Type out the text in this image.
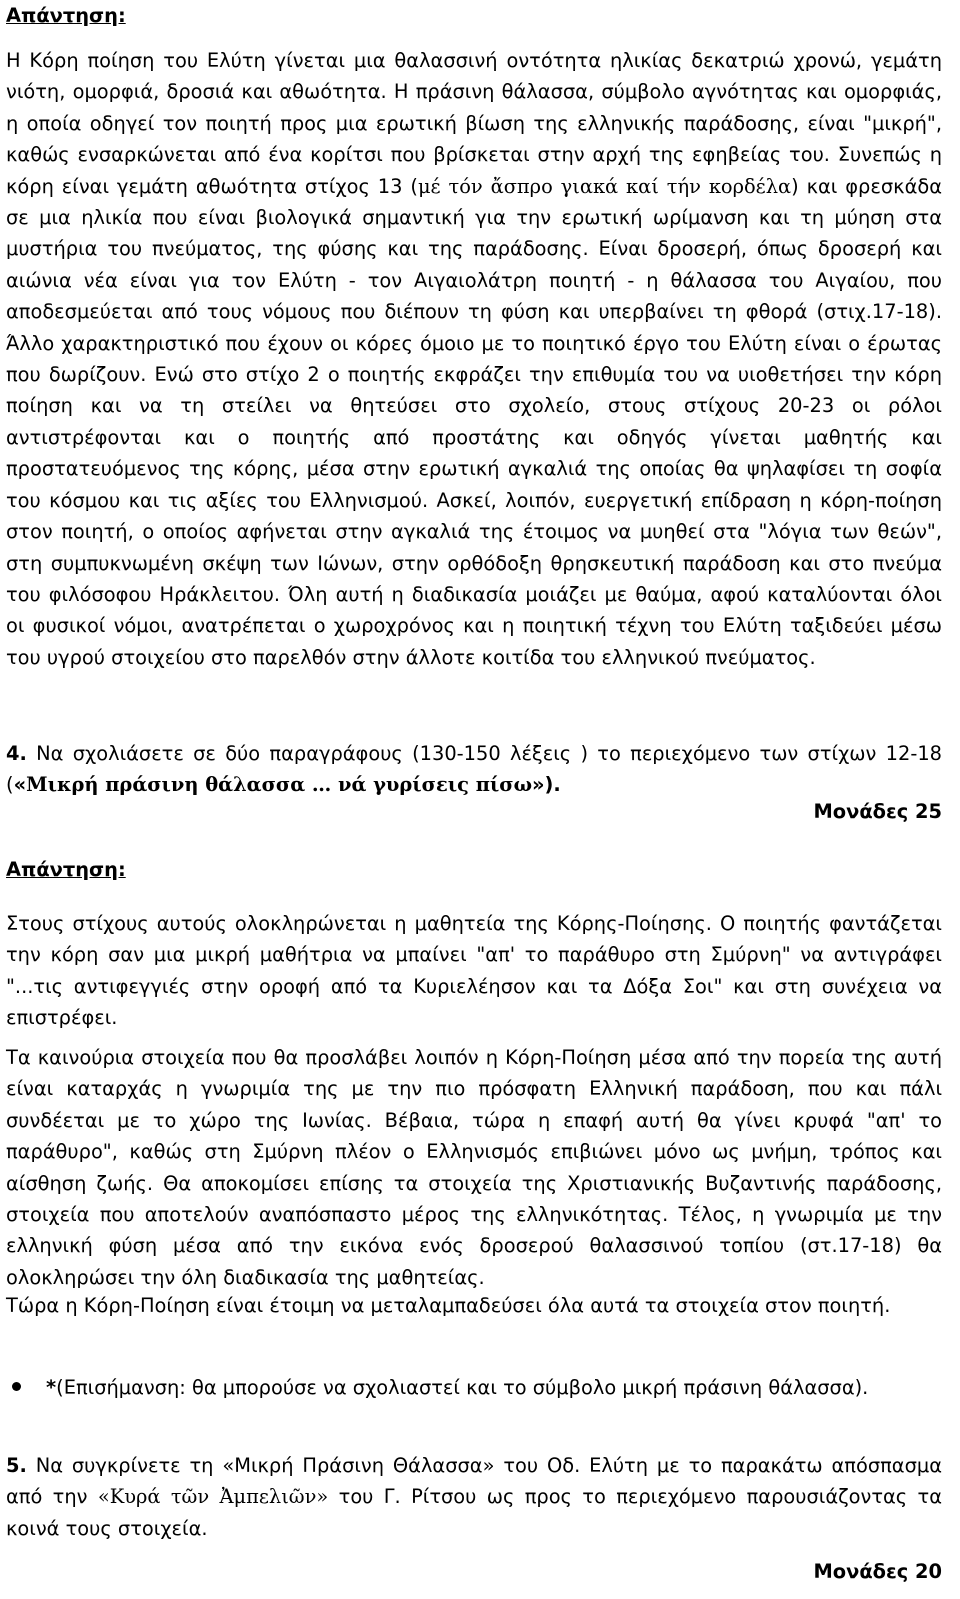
Απάντηση:

Η Κόρη ποίηση του Ελύτη γίνεται μια θαλασσινή οντότητα ηλικίας δεκατριώ χρονώ, γεμάτη νιότη, ομορφιά, δροσιά και αθωότητα. Η πράσινη θάλασσα, σύμβολο αγνότητας και ομορφιάς, η οποία οδηγεί τον ποιητή προς μια ερωτική βίωση της ελληνικής παράδοσης, είναι "μικρή", καθώς ενσαρκώνεται από ένα κορίτσι που βρίσκεται στην αρχή της εφηβείας του. Συνεπώς η κόρη είναι γεμάτη αθωότητα στίχος 13 (μέ τόν ἄσπρο γιακά καί τήν κορδέλα) και φρεσκάδα σε μια ηλικία που είναι βιολογικά σημαντική για την ερωτική ωρίμανση και τη μύηση στα μυστήρια του πνεύματος, της φύσης και της παράδοσης. Είναι δροσερή, όπως δροσερή και αιώνια νέα είναι για τον Ελύτη - τον Αιγαιολάτρη ποιητή - η θάλασσα του Αιγαίου, που αποδεσμεύεται από τους νόμους που διέπουν τη φύση και υπερβαίνει τη φθορά (στιχ.17-18). Άλλο χαρακτηριστικό που έχουν οι κόρες όμοιο με το ποιητικό έργο του Ελύτη είναι ο έρωτας που δωρίζουν. Ενώ στο στίχο 2 ο ποιητής εκφράζει την επιθυμία του να υιοθετήσει την κόρη ποίηση και να τη στείλει να θητεύσει στο σχολείο, στους στίχους 20-23 οι ρόλοι αντιστρέφονται και ο ποιητής από προστάτης και οδηγός γίνεται μαθητής και προστατευόμενος της κόρης, μέσα στην ερωτική αγκαλιά της οποίας θα ψηλαφίσει τη σοφία του κόσμου και τις αξίες του Ελληνισμού. Ασκεί, λοιπόν, ευεργετική επίδραση η κόρη-ποίηση στον ποιητή, ο οποίος αφήνεται στην αγκαλιά της έτοιμος να μυηθεί στα "λόγια των θεών", στη συμπυκνωμένη σκέψη των Ιώνων, στην ορθόδοξη θρησκευτική παράδοση και στο πνεύμα του φιλόσοφου Ηράκλειτου. Όλη αυτή η διαδικασία μοιάζει με θαύμα, αφού καταλύονται όλοι οι φυσικοί νόμοι, ανατρέπεται ο χωροχρόνος και η ποιητική τέχνη του Ελύτη ταξιδεύει μέσω του υγρού στοιχείου στο παρελθόν στην άλλοτε κοιτίδα του ελληνικού πνεύματος.

4. Να σχολιάσετε σε δύο παραγράφους (130-150 λέξεις ) το περιεχόμενο των στίχων 12-18 («Μικρή πράσινη θάλασσα … νά γυρίσεις πίσω»).

Μονάδες 25
Απάντηση:

Στους στίχους αυτούς ολοκληρώνεται η μαθητεία της Κόρης-Ποίησης. Ο ποιητής φαντάζεται την κόρη σαν μια μικρή μαθήτρια να μπαίνει "απ' το παράθυρο στη Σμύρνη" να αντιγράφει "...τις αντιφεγγιές στην οροφή από τα Κυριελέησον και τα Δόξα Σοι" και στη συνέχεια να επιστρέφει.

Τα καινούρια στοιχεία που θα προσλάβει λοιπόν η Κόρη-Ποίηση μέσα από την πορεία της αυτή είναι καταρχάς η γνωριμία της με την πιο πρόσφατη Ελληνική παράδοση, που και πάλι συνδέεται με το χώρο της Ιωνίας. Βέβαια, τώρα η επαφή αυτή θα γίνει κρυφά "απ' το παράθυρο", καθώς στη Σμύρνη πλέον ο Ελληνισμός επιβιώνει μόνο ως μνήμη, τρόπος και αίσθηση ζωής. Θα αποκομίσει επίσης τα στοιχεία της Χριστιανικής Βυζαντινής παράδοσης, στοιχεία που αποτελούν αναπόσπαστο μέρος της ελληνικότητας. Τέλος, η γνωριμία με την ελληνική φύση μέσα από την εικόνα ενός δροσερού θαλασσινού τοπίου (στ.17-18) θα ολοκληρώσει την όλη διαδικασία της μαθητείας.

Τώρα η Κόρη-Ποίηση είναι έτοιμη να μεταλαμπαδεύσει όλα αυτά τα στοιχεία στον ποιητή.

*(Επισήμανση: θα μπορούσε να σχολιαστεί και το σύμβολο μικρή πράσινη θάλασσα).

5. Να συγκρίνετε τη «Μικρή Πράσινη Θάλασσα» του Οδ. Ελύτη με το παρακάτω απόσπασμα από την «Κυρά τῶν Ἀμπελιῶν» του Γ. Ρίτσου ως προς το περιεχόμενο παρουσιάζοντας τα κοινά τους στοιχεία.

Μονάδες 20
